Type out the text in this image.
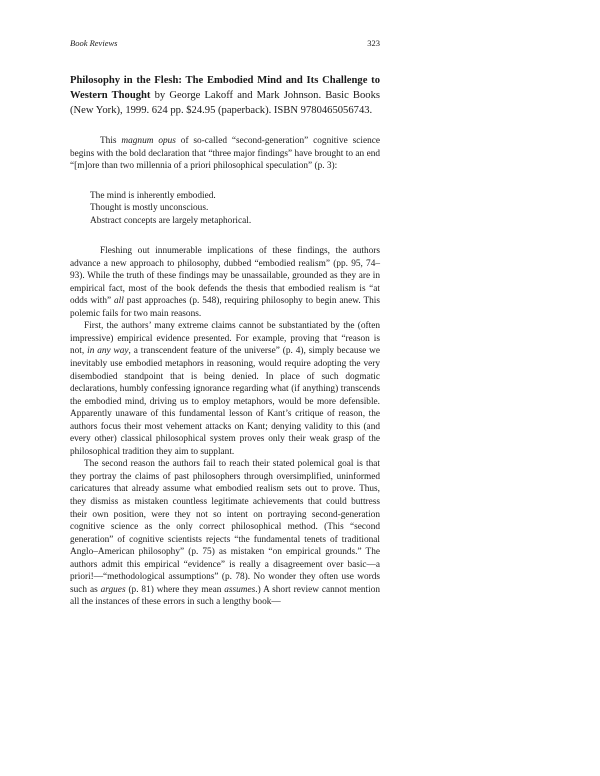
Book Reviews	323
Philosophy in the Flesh: The Embodied Mind and Its Challenge to Western Thought by George Lakoff and Mark Johnson. Basic Books (New York), 1999. 624 pp. $24.95 (paperback). ISBN 9780465056743.

This magnum opus of so-called “second-generation” cognitive science begins with the bold declaration that “three major findings” have brought to an end “[m]ore than two millennia of a priori philosophical speculation” (p. 3):

The mind is inherently embodied.
Thought is mostly unconscious.
Abstract concepts are largely metaphorical.

Fleshing out innumerable implications of these findings, the authors advance a new approach to philosophy, dubbed “embodied realism” (pp. 95, 74–93). While the truth of these findings may be unassailable, grounded as they are in empirical fact, most of the book defends the thesis that embodied realism is “at odds with” all past approaches (p. 548), requiring philosophy to begin anew. This polemic fails for two main reasons.

First, the authors’ many extreme claims cannot be substantiated by the (often impressive) empirical evidence presented. For example, proving that “reason is not, in any way, a transcendent feature of the universe” (p. 4), simply because we inevitably use embodied metaphors in reasoning, would require adopting the very disembodied standpoint that is being denied. In place of such dogmatic declarations, humbly confessing ignorance regarding what (if anything) transcends the embodied mind, driving us to employ metaphors, would be more defensible. Apparently unaware of this fundamental lesson of Kant’s critique of reason, the authors focus their most vehement attacks on Kant; denying validity to this (and every other) classical philosophical system proves only their weak grasp of the philosophical tradition they aim to supplant.

The second reason the authors fail to reach their stated polemical goal is that they portray the claims of past philosophers through oversimplified, uninformed caricatures that already assume what embodied realism sets out to prove. Thus, they dismiss as mistaken countless legitimate achievements that could buttress their own position, were they not so intent on portraying second-generation cognitive science as the only correct philosophical method. (This “second generation” of cognitive scientists rejects “the fundamental tenets of traditional Anglo–American philosophy” (p. 75) as mistaken “on empirical grounds.” The authors admit this empirical “evidence” is really a disagreement over basic—a priori!—“methodological assumptions” (p. 78). No wonder they often use words such as argues (p. 81) where they mean assumes.) A short review cannot mention all the instances of these errors in such a lengthy book—
